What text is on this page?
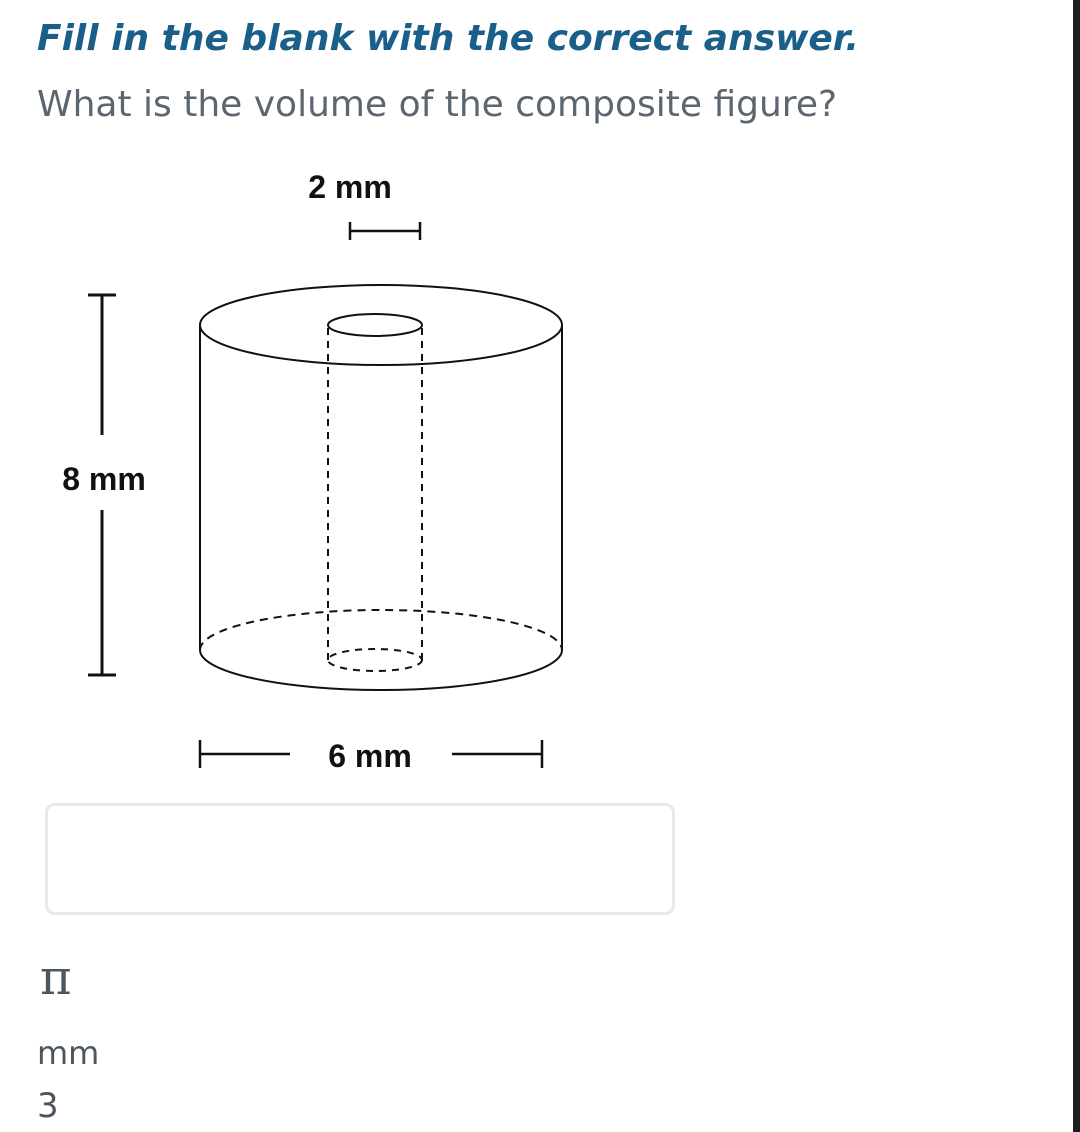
Fill in the blank with the correct answer.

What is the volume of the composite figure?

2 mm
8 mm
6 mm
π
mm
3
